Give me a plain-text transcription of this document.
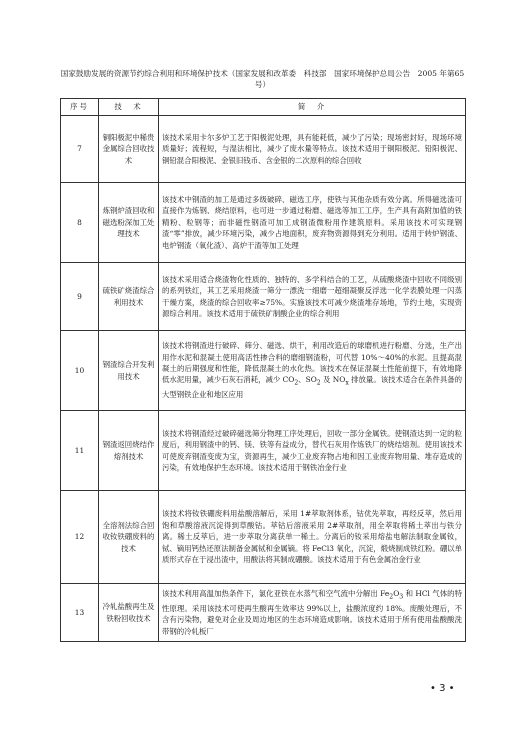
国家鼓励发展的资源节约综合利用和环境保护技术（国家发展和改革委　科技部　国家环境保护总局公告　2005 年第65号）
序号	技　术	简　介
7	铜阳极泥中稀贵金属综合回收技术	该技术采用卡尔多炉工艺于阳极泥处理，具有能耗低，减少了污染；现场密封好，现场环境质量好；流程短，与湿法相比，减少了废水量等特点。该技术适用于铜阳极泥、铅阳极泥、铜铅混合阳极泥、金银旧钱币、含金银的二次原料的综合回收
8	炼钢炉渣回收和磁选粉深加工处理技术	该技术中钢渣的加工是通过多级破碎、磁选工序，使铁与其他杂质有效分离。所得磁选渣可直接作为炼钢、烧结原料，也可进一步通过粉磨、磁选等加工工序，生产具有高附加值的铁精粉、粒钢等；而非磁性钢渣可加工成钢渣微粉用作建筑原料。采用该技术可实现钢渣“零”排放，减少环境污染，减少占地面积，废弃物资源得到充分利用。适用于转炉钢渣、电炉钢渣（氧化渣）、高炉干渣等加工处理
9	硫铁矿烧渣综合利用技术	该技术采用适合烧渣物化性质的、独特的、多学科结合的工艺，从硫酸烧渣中回收不同级别的系列铁红，其工艺采用烧渣一筛分一漂洗一细磨一超细凝聚反浮选一化学表膜处理一闪蒸干燥方案，烧渣的综合回收率≥75%。实施该技术可减少烧渣堆存场地，节约土地，实现资源综合利用。该技术适用于硫铁矿制酸企业的综合利用
10	钢渣综合开发利用技术	该技术将钢渣进行破碎、筛分、磁选、烘干，利用改造后的球磨机进行粉磨、分选，生产出用作水泥和混凝土使用高活性掺合料的磨细钢渣粉，可代替 10%～40%的水泥。且提高混凝土的后期强度和性能，降低混凝土的水化热。该技术在保证混凝土性能前提下，有效地降低水泥用量，减少石灰石消耗，减少 $CO_2$、$SO_2$ 及 $NO_x$ 排放量。该技术适合在条件具备的大型钢铁企业和地区应用
11	钢渣返回烧结作熔剂技术	该技术将钢渣经过破碎磁选筛分物理工序处理后，回收一部分金属铁。使钢渣达到一定的粒度后，利用钢渣中的钙、镁、铁等有益成分，替代石灰用作炼铁厂的烧结熔剂。使用该技术可使废弃钢渣变废为宝，资源再生，减少工业废弃物占地和因工业废弃物用量、堆存造成的污染，有效地保护生态环境。该技术适用于钢铁冶金行业
12	全溶剂法综合回收钕铁硼废料的技术	该技术将钕铁硼废料用盐酸溶解后，采用 1#萃取剂体系，钴优先萃取，再经反萃，然后用饱和草酸溶液沉淀得到草酸钴。萃钴后溶液采用 2#萃取剂，用全萃取将稀土萃出与铁分离。稀土反萃后，进一步萃取分离获单一稀土。分离后的钕采用熔盐电解法制取金属钕，铽、镝用钙热还原法制备金属铽和金属镝。将 FeCl3 氧化，沉淀，煅烧制成铁红粉。硼以单质形式存在于浸出渣中，用酸法将其制成硼酸。该技术适用于有色金属冶金行业
13	冷轧盐酸再生及铁粉回收技术	该技术利用高温加热条件下，氯化亚铁在水蒸气和空气流中分解出 $Fe_2O_3$ 和 HCl 气体的特性原理。采用该技术可使再生酸再生效率达 99%以上，盐酸浓度约 18%。废酸处理后，不含有污染物，避免对企业及周边地区的生态环境造成影响。该技术适用于所有使用盐酸酸洗带钢的冷轧板厂
• 3 •
